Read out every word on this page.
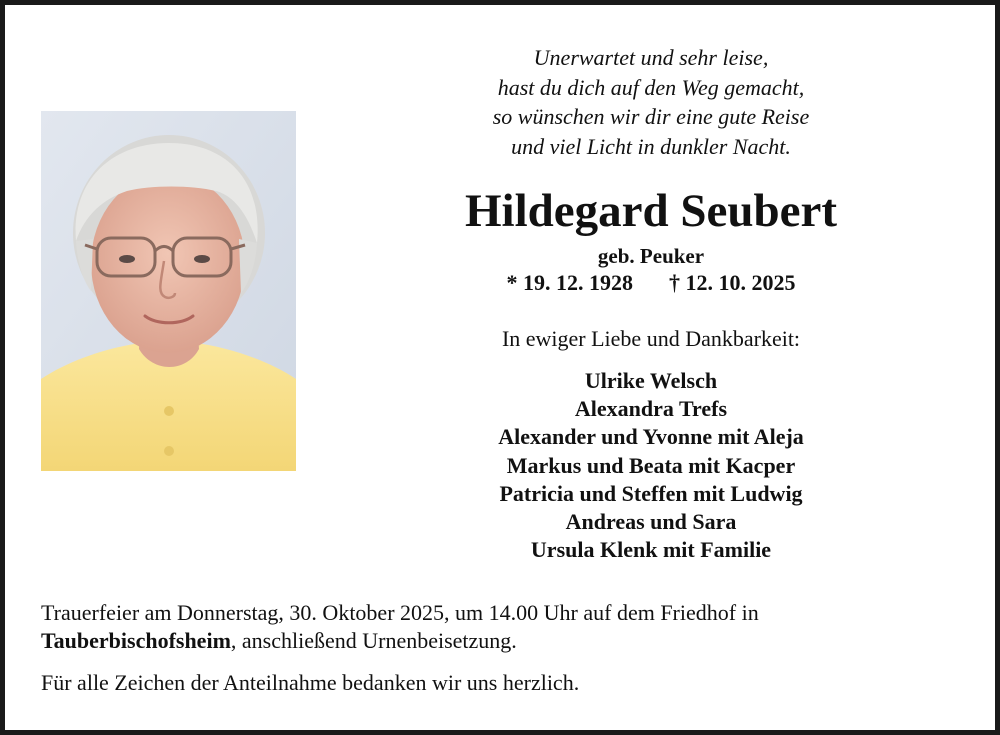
Unerwartet und sehr leise,
hast du dich auf den Weg gemacht,
so wünschen wir dir eine gute Reise
und viel Licht in dunkler Nacht.
Hildegard Seubert
geb. Peuker
* 19. 12. 1928 † 12. 10. 2025
In ewiger Liebe und Dankbarkeit:
Ulrike Welsch
Alexandra Trefs
Alexander und Yvonne mit Aleja
Markus und Beata mit Kacper
Patricia und Steffen mit Ludwig
Andreas und Sara
Ursula Klenk mit Familie
Trauerfeier am Donnerstag, 30. Oktober 2025, um 14.00 Uhr auf dem Friedhof in
Tauberbischofsheim, anschließend Urnenbeisetzung.
Für alle Zeichen der Anteilnahme bedanken wir uns herzlich.
